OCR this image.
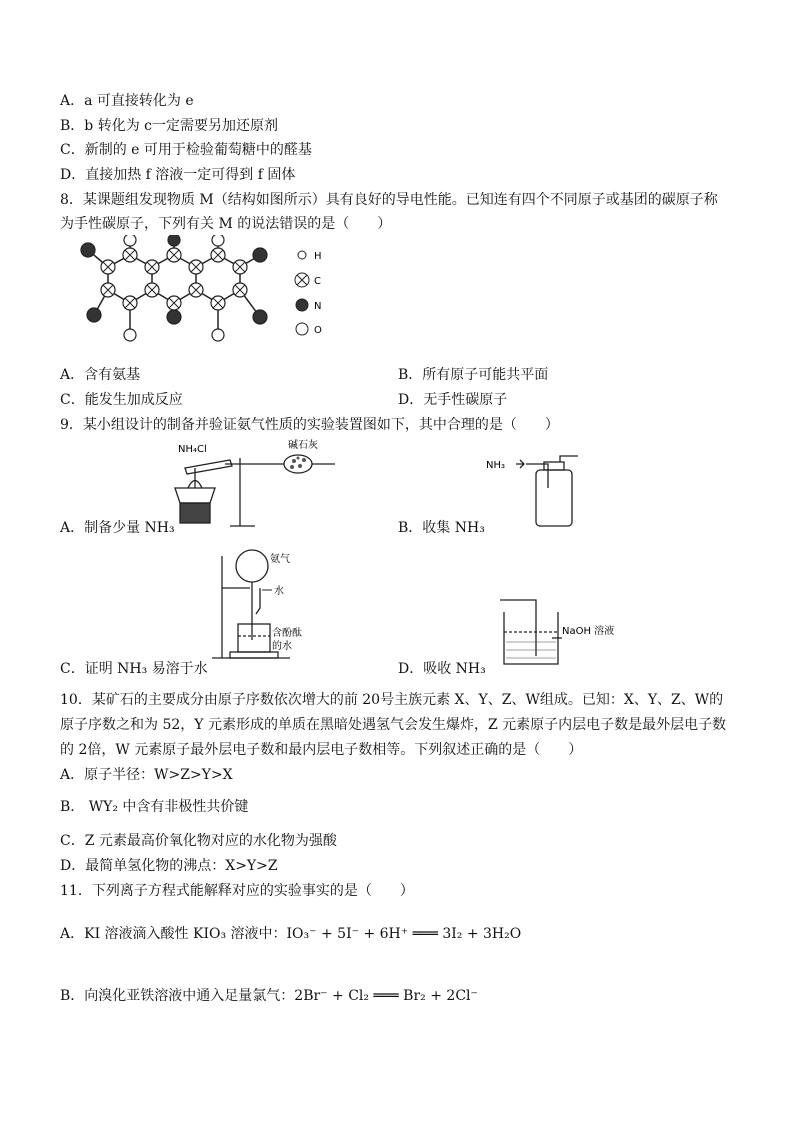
A．a 可直接转化为 e
B．b 转化为 c一定需要另加还原剂
C．新制的 e 可用于检验葡萄糖中的醛基
D．直接加热 f 溶液一定可得到 f 固体
8．某课题组发现物质 M（结构如图所示）具有良好的导电性能。已知连有四个不同原子或基团的碳原子称
为手性碳原子，下列有关 M 的说法错误的是（　　）
H
C
N
O
A．含有氨基	B．所有原子可能共平面
C．能发生加成反应	D．无手性碳原子
9．某小组设计的制备并验证氨气性质的实验装置图如下，其中合理的是（　　）
NH₄Cl	碱石灰
NH₃
A．制备少量 NH₃	B．收集 NH₃
氨气
水
含酚酞
的水
NaOH 溶液
C．证明 NH₃ 易溶于水	D．吸收 NH₃
10．某矿石的主要成分由原子序数依次增大的前 20号主族元素 X、Y、Z、W组成。已知：X、Y、Z、W的
原子序数之和为 52，Y 元素形成的单质在黑暗处遇氢气会发生爆炸，Z 元素原子内层电子数是最外层电子数
的 2倍，W 元素原子最外层电子数和最内层电子数相等。下列叙述正确的是（　　）
A．原子半径：W>Z>Y>X
B． WY₂ 中含有非极性共价键
C．Z 元素最高价氧化物对应的水化物为强酸
D．最简单氢化物的沸点：X>Y>Z
11．下列离子方程式能解释对应的实验事实的是（　　）
A．KI 溶液滴入酸性 KIO₃ 溶液中：IO₃⁻ + 5I⁻ + 6H⁺ ═══ 3I₂ + 3H₂O
B．向溴化亚铁溶液中通入足量氯气：2Br⁻ + Cl₂ ═══ Br₂ + 2Cl⁻
